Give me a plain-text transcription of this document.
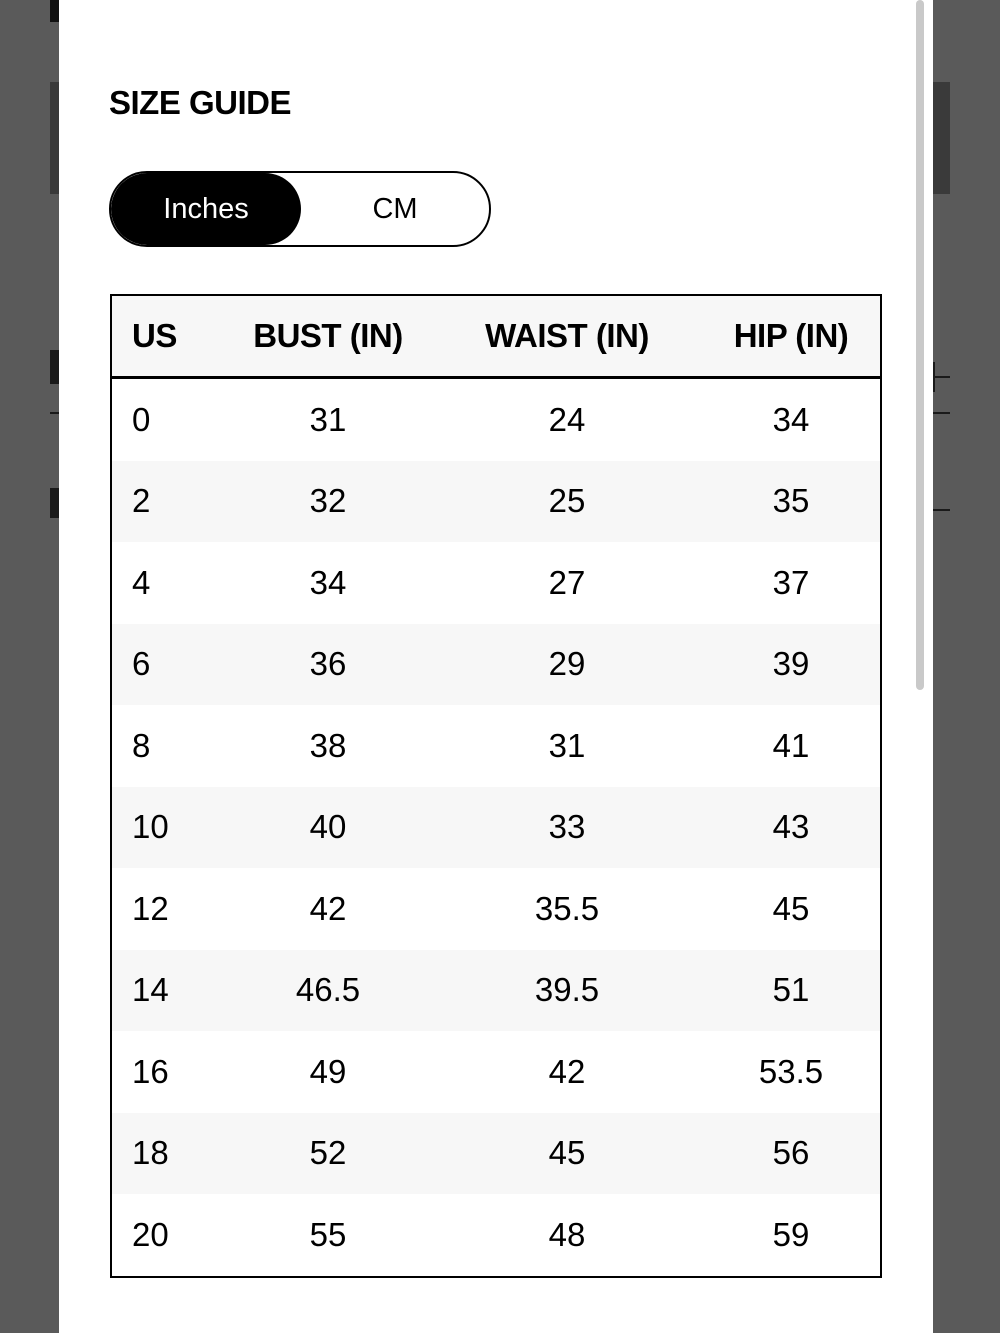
SIZE GUIDE
Inches	CM
US	BUST (IN)	WAIST (IN)	HIP (IN)
0	31	24	34
2	32	25	35
4	34	27	37
6	36	29	39
8	38	31	41
10	40	33	43
12	42	35.5	45
14	46.5	39.5	51
16	49	42	53.5
18	52	45	56
20	55	48	59
